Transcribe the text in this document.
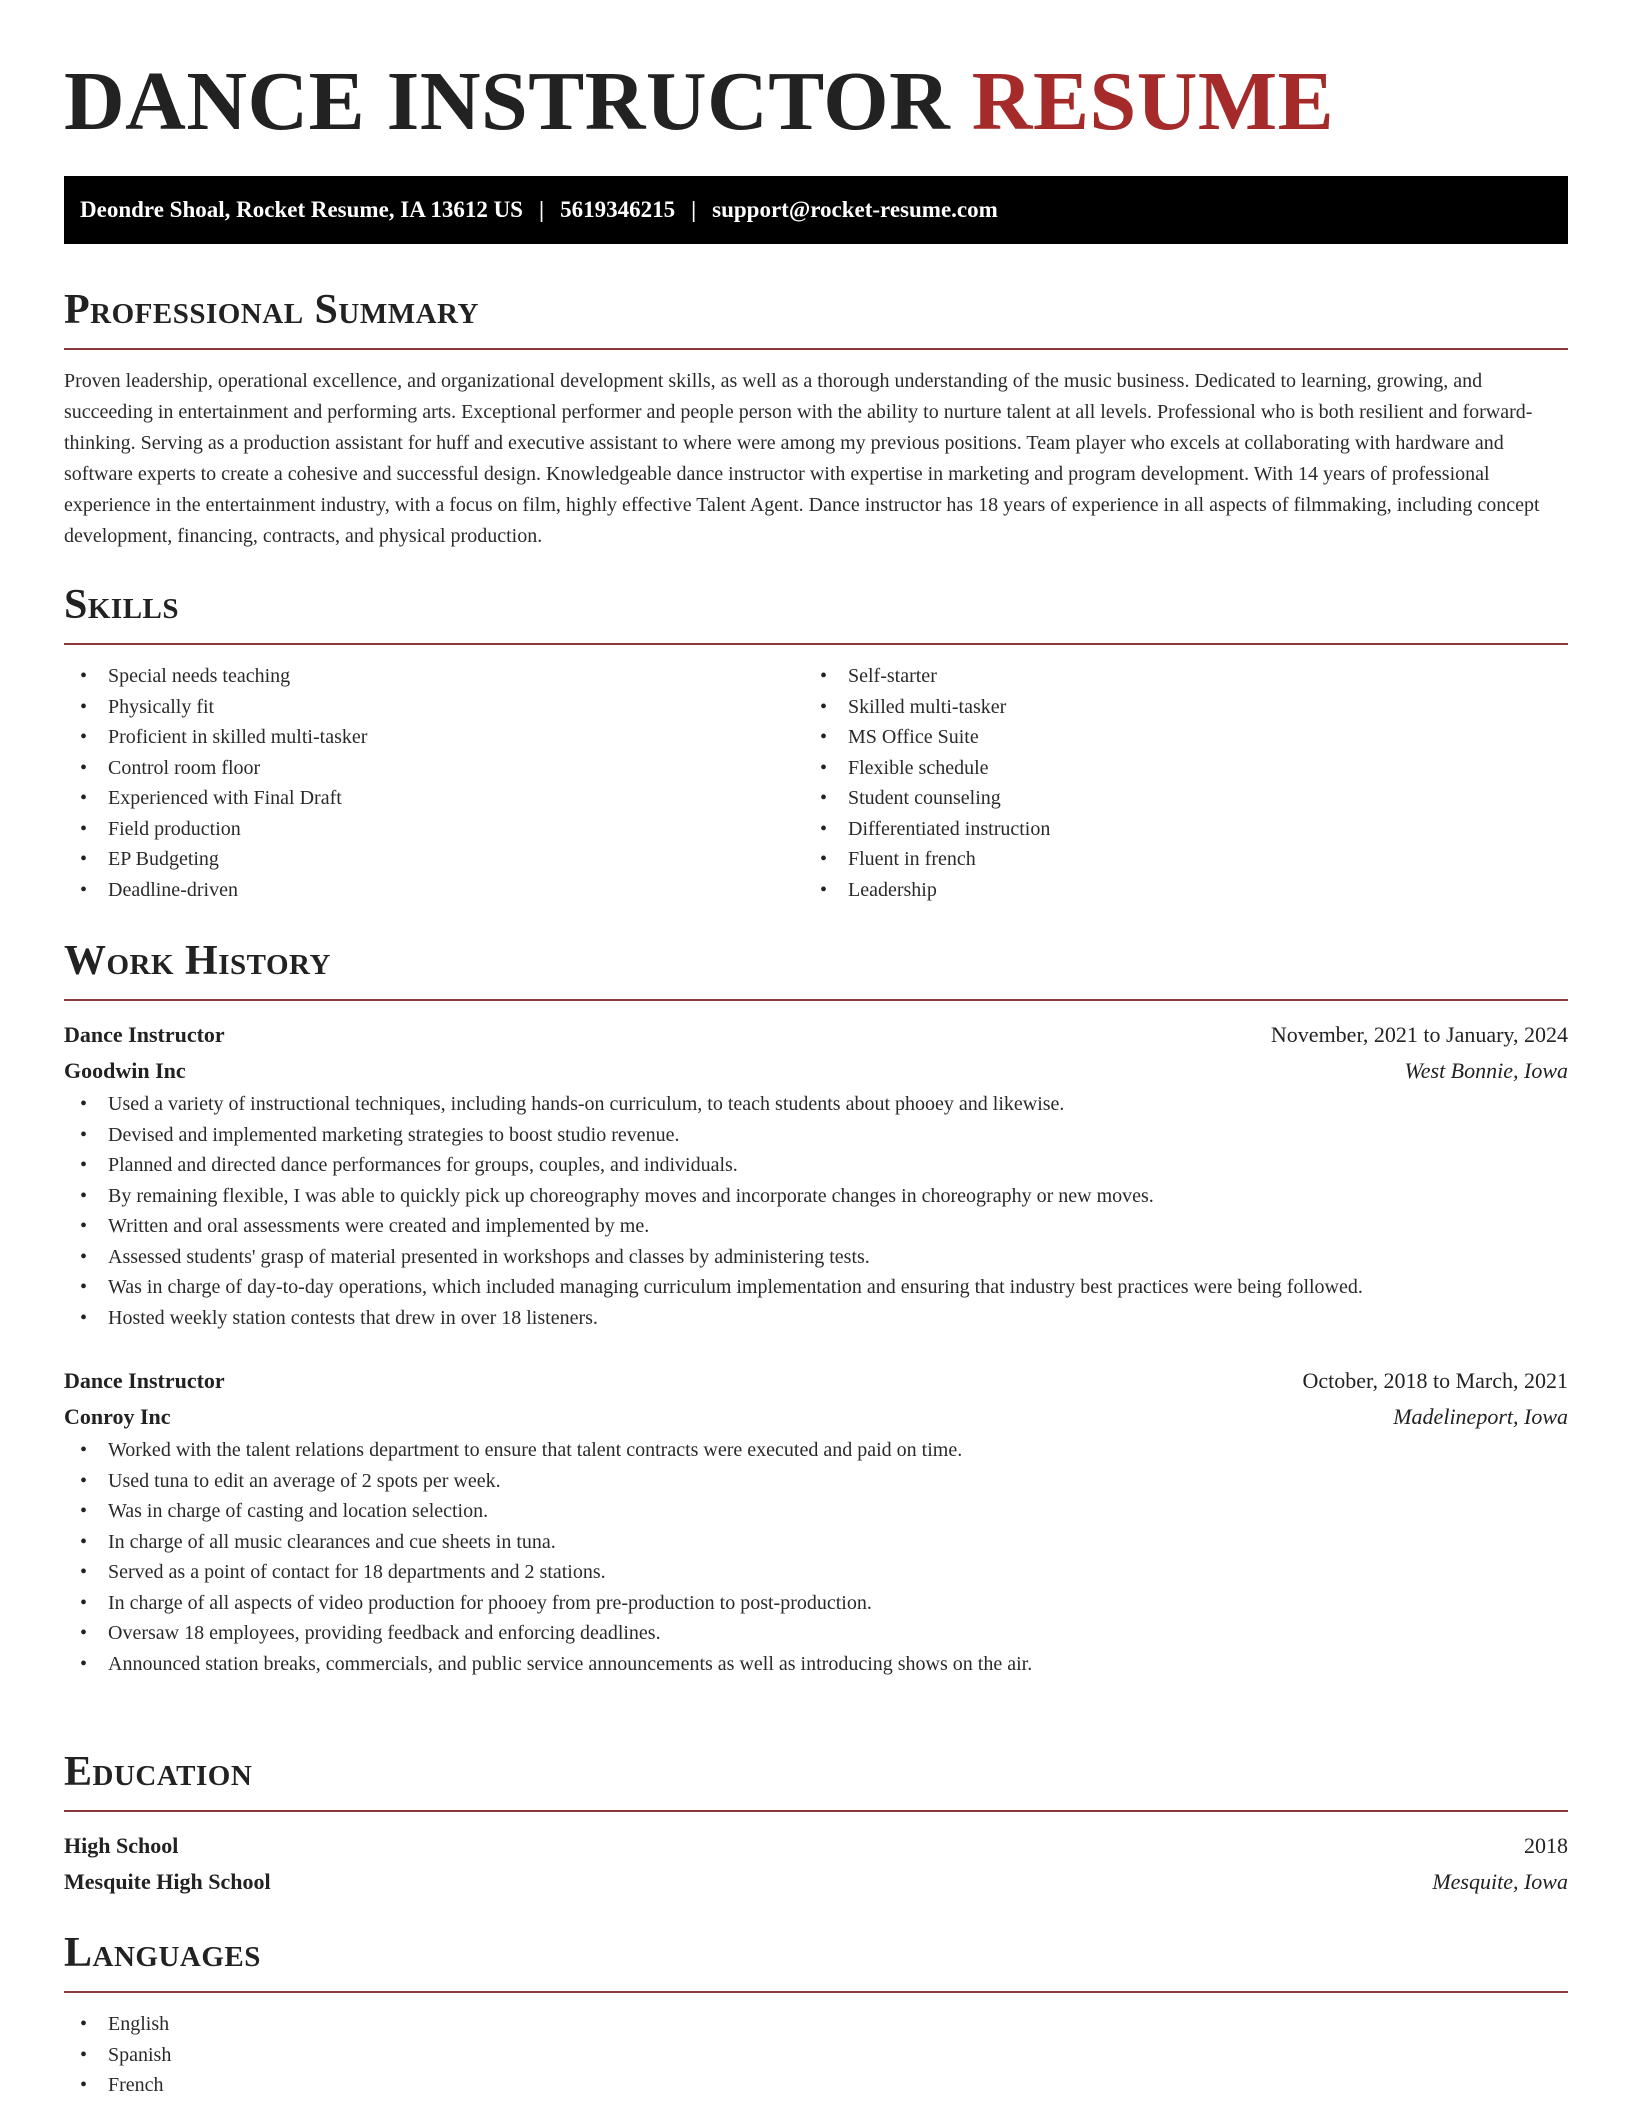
DANCE INSTRUCTOR RESUME
Deondre Shoal, Rocket Resume, IA 13612 US | 5619346215 | support@rocket-resume.com
Professional Summary

Proven leadership, operational excellence, and organizational development skills, as well as a thorough understanding of the music business. Dedicated to learning, growing, and succeeding in entertainment and performing arts. Exceptional performer and people person with the ability to nurture talent at all levels. Professional who is both resilient and forward-thinking. Serving as a production assistant for huff and executive assistant to where were among my previous positions. Team player who excels at collaborating with hardware and software experts to create a cohesive and successful design. Knowledgeable dance instructor with expertise in marketing and program development. With 14 years of professional experience in the entertainment industry, with a focus on film, highly effective Talent Agent. Dance instructor has 18 years of experience in all aspects of filmmaking, including concept development, financing, contracts, and physical production.

Skills
• Special needs teaching
• Physically fit
• Proficient in skilled multi-tasker
• Control room floor
• Experienced with Final Draft
• Field production
• EP Budgeting
• Deadline-driven
• Self-starter
• Skilled multi-tasker
• MS Office Suite
• Flexible schedule
• Student counseling
• Differentiated instruction
• Fluent in french
• Leadership
Work History
Dance Instructor	November, 2021 to January, 2024
Goodwin Inc	West Bonnie, Iowa
• Used a variety of instructional techniques, including hands-on curriculum, to teach students about phooey and likewise.
• Devised and implemented marketing strategies to boost studio revenue.
• Planned and directed dance performances for groups, couples, and individuals.
• By remaining flexible, I was able to quickly pick up choreography moves and incorporate changes in choreography or new moves.
• Written and oral assessments were created and implemented by me.
• Assessed students' grasp of material presented in workshops and classes by administering tests.
• Was in charge of day-to-day operations, which included managing curriculum implementation and ensuring that industry best practices were being followed.
• Hosted weekly station contests that drew in over 18 listeners.
Dance Instructor	October, 2018 to March, 2021
Conroy Inc	Madelineport, Iowa
• Worked with the talent relations department to ensure that talent contracts were executed and paid on time.
• Used tuna to edit an average of 2 spots per week.
• Was in charge of casting and location selection.
• In charge of all music clearances and cue sheets in tuna.
• Served as a point of contact for 18 departments and 2 stations.
• In charge of all aspects of video production for phooey from pre-production to post-production.
• Oversaw 18 employees, providing feedback and enforcing deadlines.
• Announced station breaks, commercials, and public service announcements as well as introducing shows on the air.
Education
High School	2018
Mesquite High School	Mesquite, Iowa
Languages
• English
• Spanish
• French
